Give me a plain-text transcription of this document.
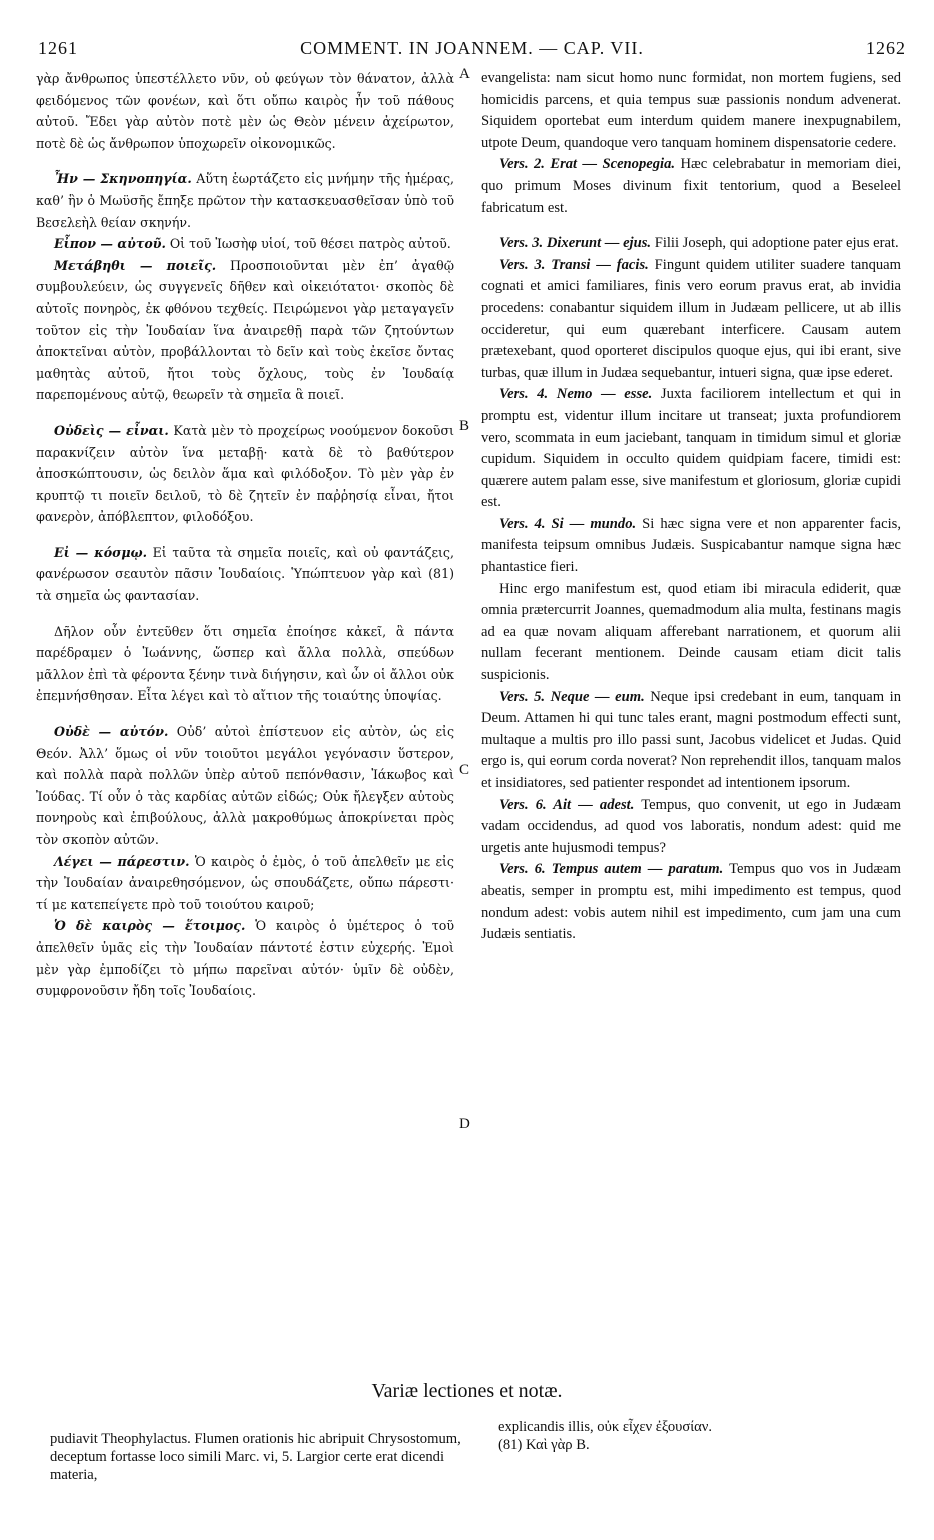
1261	COMMENT. IN JOANNEM. — CAP. VII.	1262

γὰρ ἄνθρωπος ὑπεστέλλετο νῦν, οὐ φεύγων τὸν θάνατον, ἀλλὰ φειδόμενος τῶν φονέων, καὶ ὅτι οὔπω καιρὸς ἦν τοῦ πάθους αὐτοῦ. Ἔδει γὰρ αὐτὸν ποτὲ μὲν ὡς Θεὸν μένειν ἀχείρωτον, ποτὲ δὲ ὡς ἄνθρωπον ὑποχωρεῖν οἰκονομικῶς.

Ἦν — Σκηνοπηγία. Αὕτη ἑωρτάζετο εἰς μνήμην τῆς ἡμέρας, καθ’ ἣν ὁ Μωϋσῆς ἔπηξε πρῶτον τὴν κατασκευασθεῖσαν ὑπὸ τοῦ Βεσελεὴλ θείαν σκηνήν.

Εἶπον — αὐτοῦ. Οἱ τοῦ Ἰωσὴφ υἱοί, τοῦ θέσει πατρὸς αὐτοῦ.

Μετάβηθι — ποιεῖς. Προσποιοῦνται μὲν ἐπ’ ἀγαθῷ συμβουλεύειν, ὡς συγγενεῖς δῆθεν καὶ οἰκειότατοι· σκοπὸς δὲ αὐτοῖς πονηρὸς, ἐκ φθόνου τεχθείς. Πειρώμενοι γὰρ μεταγαγεῖν τοῦτον εἰς τὴν Ἰουδαίαν ἵνα ἀναιρεθῇ παρὰ τῶν ζητούντων ἀποκτεῖναι αὐτὸν, προβάλλονται τὸ δεῖν καὶ τοὺς ἐκεῖσε ὄντας μαθητὰς αὐτοῦ, ἤτοι τοὺς ὄχλους, τοὺς ἐν Ἰουδαίᾳ παρεπομένους αὐτῷ, θεωρεῖν τὰ σημεῖα ἃ ποιεῖ.

Οὐδεὶς — εἶναι. Κατὰ μὲν τὸ προχείρως νοούμενον δοκοῦσι παρακνίζειν αὐτὸν ἵνα μεταβῇ· κατὰ δὲ τὸ βαθύτερον ἀποσκώπτουσιν, ὡς δειλὸν ἅμα καὶ φιλόδοξον. Τὸ μὲν γὰρ ἐν κρυπτῷ τι ποιεῖν δειλοῦ, τὸ δὲ ζητεῖν ἐν παῤῥησίᾳ εἶναι, ἤτοι φανερὸν, ἀπόβλεπτον, φιλοδόξου.

Εἰ — κόσμῳ. Εἰ ταῦτα τὰ σημεῖα ποιεῖς, καὶ οὐ φαντάζεις, φανέρωσον σεαυτὸν πᾶσιν Ἰουδαίοις. Ὑπώπτευον γὰρ καὶ (81) τὰ σημεῖα ὡς φαντασίαν.

Δῆλον οὖν ἐντεῦθεν ὅτι σημεῖα ἐποίησε κἀκεῖ, ἃ πάντα παρέδραμεν ὁ Ἰωάννης, ὥσπερ καὶ ἄλλα πολλὰ, σπεύδων μᾶλλον ἐπὶ τὰ φέροντα ξένην τινὰ διήγησιν, καὶ ὧν οἱ ἄλλοι οὐκ ἐπεμνήσθησαν. Εἶτα λέγει καὶ τὸ αἴτιον τῆς τοιαύτης ὑποψίας.

Οὐδὲ — αὐτόν. Οὐδ’ αὐτοὶ ἐπίστευον εἰς αὐτὸν, ὡς εἰς Θεόν. Ἀλλ’ ὅμως οἱ νῦν τοιοῦτοι μεγάλοι γεγόνασιν ὕστερον, καὶ πολλὰ παρὰ πολλῶν ὑπὲρ αὐτοῦ πεπόνθασιν, Ἰάκωβος καὶ Ἰούδας. Τί οὖν ὁ τὰς καρδίας αὐτῶν εἰδώς; Οὐκ ἤλεγξεν αὐτοὺς πονηροὺς καὶ ἐπιβούλους, ἀλλὰ μακροθύμως ἀποκρίνεται πρὸς τὸν σκοπὸν αὐτῶν.

Λέγει — πάρεστιν. Ὁ καιρὸς ὁ ἐμὸς, ὁ τοῦ ἀπελθεῖν με εἰς τὴν Ἰουδαίαν ἀναιρεθησόμενον, ὡς σπουδάζετε, οὔπω πάρεστι· τί με κατεπείγετε πρὸ τοῦ τοιούτου καιροῦ;

Ὁ δὲ καιρὸς — ἕτοιμος. Ὁ καιρὸς ὁ ὑμέτερος ὁ τοῦ ἀπελθεῖν ὑμᾶς εἰς τὴν Ἰουδαίαν πάντοτέ ἐστιν εὐχερής. Ἐμοὶ μὲν γὰρ ἐμποδίζει τὸ μήπω παρεῖναι αὐτόν· ὑμῖν δὲ οὐδὲν, συμφρονοῦσιν ἤδη τοῖς Ἰουδαίοις.

A
B
C
D

evangelista: nam sicut homo nunc formidat, non mortem fugiens, sed homicidis parcens, et quia tempus suæ passionis nondum advenerat. Siquidem oportebat eum interdum quidem manere inexpugnabilem, utpote Deum, quandoque vero tanquam hominem dispensatorie cedere.

Vers. 2. Erat — Scenopegia. Hæc celebrabatur in memoriam diei, quo primum Moses divinum fixit tentorium, quod a Beseleel fabricatum est.

Vers. 3. Dixerunt — ejus. Filii Joseph, qui adoptione pater ejus erat.

Vers. 3. Transi — facis. Fingunt quidem utiliter suadere tanquam cognati et amici familiares, finis vero eorum pravus erat, ab invidia procedens: conabantur siquidem illum in Judæam pellicere, ut ab illis occideretur, qui eum quærebant interficere. Causam autem prætexebant, quod oporteret discipulos quoque ejus, qui ibi erant, sive turbas, quæ illum in Judæa sequebantur, intueri signa, quæ ipse ederet.

Vers. 4. Nemo — esse. Juxta faciliorem intellectum et qui in promptu est, videntur illum incitare ut transeat; juxta profundiorem vero, scommata in eum jaciebant, tanquam in timidum simul et gloriæ cupidum. Siquidem in occulto quidem quidpiam facere, timidi est: quærere autem palam esse, sive manifestum et gloriosum, gloriæ cupidi est.

Vers. 4. Si — mundo. Si hæc signa vere et non apparenter facis, manifesta teipsum omnibus Judæis. Suspicabantur namque signa hæc phantastice fieri.

Hinc ergo manifestum est, quod etiam ibi miracula ediderit, quæ omnia prætercurrit Joannes, quemadmodum alia multa, festinans magis ad ea quæ novam aliquam afferebant narrationem, et quorum alii nullam fecerant mentionem. Deinde causam etiam dicit talis suspicionis.

Vers. 5. Neque — eum. Neque ipsi credebant in eum, tanquam in Deum. Attamen hi qui tunc tales erant, magni postmodum effecti sunt, multaque a multis pro illo passi sunt, Jacobus videlicet et Judas. Quid ergo is, qui eorum corda noverat? Non reprehendit illos, tanquam malos et insidiatores, sed patienter respondet ad intentionem ipsorum.

Vers. 6. Ait — adest. Tempus, quo convenit, ut ego in Judæam vadam occidendus, ad quod vos laboratis, nondum adest: quid me urgetis ante hujusmodi tempus?

Vers. 6. Tempus autem — paratum. Tempus quo vos in Judæam abeatis, semper in promptu est, mihi impedimento est tempus, quod nondum adest: vobis autem nihil est impedimento, cum jam una cum Judæis sentiatis.

Variæ lectiones et notæ.
pudiavit Theophylactus. Flumen orationis hic abripuit Chrysostomum, deceptum fortasse loco simili Marc. vi, 5. Largior certe erat dicendi materia,
explicandis illis, οὐκ εἶχεν ἐξουσίαν.
(81) Καὶ γὰρ B.
